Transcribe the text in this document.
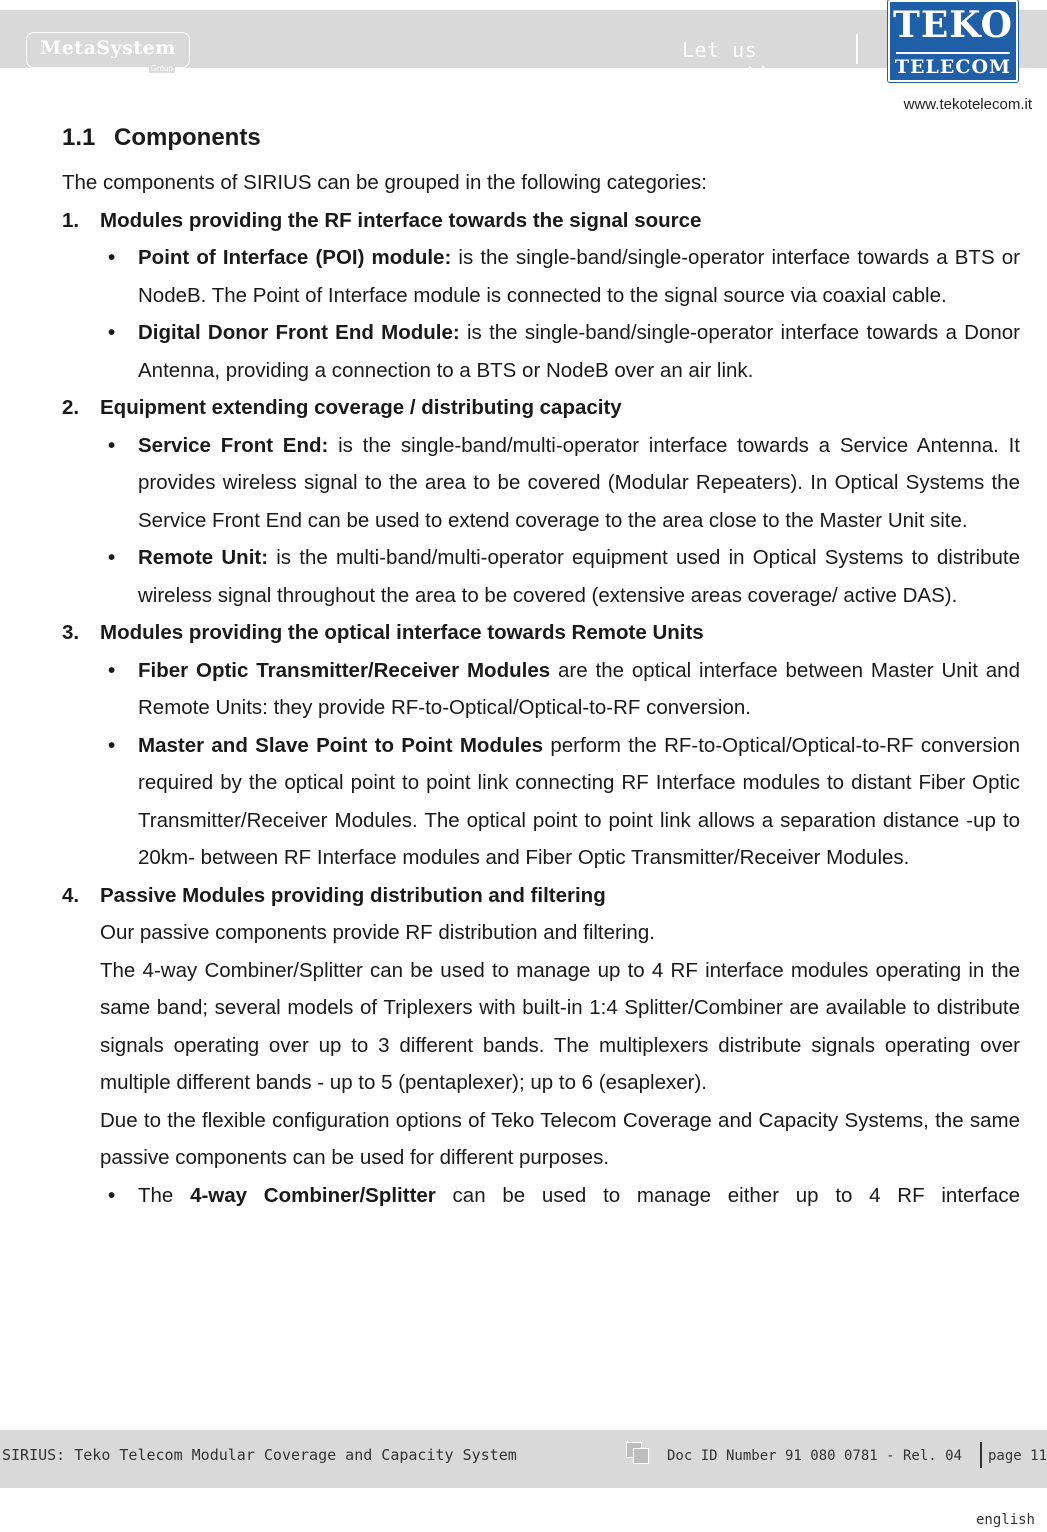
MetaSystem
Group
Let us repeat!
TEKO
TELECOM
www.tekotelecom.it
1.1 Components

The components of SIRIUS can be grouped in the following categories:

1. Modules providing the RF interface towards the signal source
• Point of Interface (POI) module: is the single-band/single-operator interface towards a BTS or NodeB. The Point of Interface module is connected to the signal source via coaxial cable.
• Digital Donor Front End Module: is the single-band/single-operator interface towards a Donor Antenna, providing a connection to a BTS or NodeB over an air link.
2. Equipment extending coverage / distributing capacity
• Service Front End: is the single-band/multi-operator interface towards a Service Antenna. It provides wireless signal to the area to be covered (Modular Repeaters). In Optical Systems the Service Front End can be used to extend coverage to the area close to the Master Unit site.
• Remote Unit: is the multi-band/multi-operator equipment used in Optical Systems to distribute wireless signal throughout the area to be covered (extensive areas coverage/ active DAS).
3. Modules providing the optical interface towards Remote Units
• Fiber Optic Transmitter/Receiver Modules are the optical interface between Master Unit and Remote Units: they provide RF-to-Optical/Optical-to-RF conversion.
• Master and Slave Point to Point Modules perform the RF-to-Optical/Optical-to-RF conversion required by the optical point to point link connecting RF Interface modules to distant Fiber Optic Transmitter/Receiver Modules. The optical point to point link allows a separation distance -up to 20km- between RF Interface modules and Fiber Optic Transmitter/Receiver Modules.
4. Passive Modules providing distribution and filtering
Our passive components provide RF distribution and filtering.
The 4-way Combiner/Splitter can be used to manage up to 4 RF interface modules operating in the same band; several models of Triplexers with built-in 1:4 Splitter/Combiner are available to distribute signals operating over up to 3 different bands. The multiplexers distribute signals operating over multiple different bands - up to 5 (pentaplexer); up to 6 (esaplexer).
Due to the flexible configuration options of Teko Telecom Coverage and Capacity Systems, the same passive components can be used for different purposes.
• The 4-way Combiner/Splitter can be used to manage either up to 4 RF interface
SIRIUS: Teko Telecom Modular Coverage and Capacity System	Doc ID Number 91 080 0781 - Rel. 04 page 11
english
